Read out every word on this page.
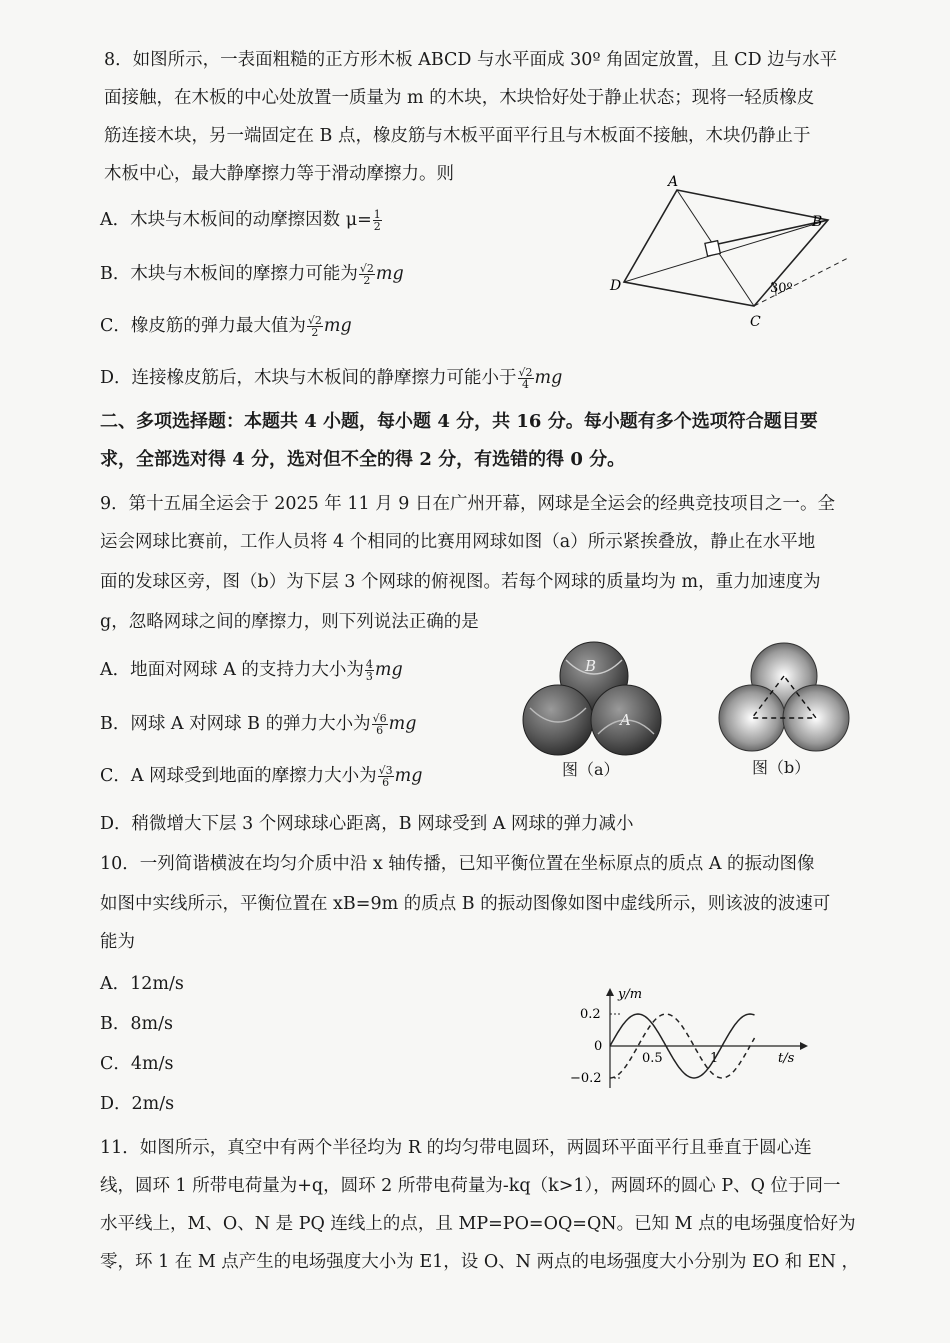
8．如图所示，一表面粗糙的正方形木板 ABCD 与水平面成 30º 角固定放置，且 CD 边与水平
面接触，在木板的中心处放置一质量为 m 的木块，木块恰好处于静止状态；现将一轻质橡皮
筋连接木块，另一端固定在 B 点，橡皮筋与木板平面平行且与木板面不接触，木块仍静止于
木板中心，最大静摩擦力等于滑动摩擦力。则
A．木块与木板间的动摩擦因数 $\mu= \frac{1}{2}$
B．木块与木板间的摩擦力可能为 $\frac{√2}{2}$ mg
C．橡皮筋的弹力最大值为 $\frac{√2}{2}$ mg
D．连接橡皮筋后，木块与木板间的静摩擦力可能小于 $\frac{√2}{4}$ mg
A
B
C
D	30º
二、多项选择题：本题共 4 小题，每小题 4 分，共 16 分。每小题有多个选项符合题目要
求，全部选对得 4 分，选对但不全的得 2 分，有选错的得 0 分。
9．第十五届全运会于 2025 年 11 月 9 日在广州开幕，网球是全运会的经典竞技项目之一。全
运会网球比赛前，工作人员将 4 个相同的比赛用网球如图（a）所示紧挨叠放，静止在水平地
面的发球区旁，图（b）为下层 3 个网球的俯视图。若每个网球的质量均为 m，重力加速度为
g，忽略网球之间的摩擦力，则下列说法正确的是
A．地面对网球 A 的支持力大小为 $\frac{4}{3}$ mg
B．网球 A 对网球 B 的弹力大小为 $\frac{√6}{6}$ mg
C．A 网球受到地面的摩擦力大小为 $\frac{√3}{6}$ mg
D．稍微增大下层 3 个网球球心距离，B 网球受到 A 网球的弹力减小
B
A
图（a）	图（b）
10．一列简谐横波在均匀介质中沿 x 轴传播，已知平衡位置在坐标原点的质点 A 的振动图像
如图中实线所示，平衡位置在 xB=9m 的质点 B 的振动图像如图中虚线所示，则该波的波速可
能为
A．12m/s
B．8m/s
C．4m/s
D．2m/s
y/m
t/s
0.2
0
−0.2
0.5	1
11．如图所示，真空中有两个半径均为 R 的均匀带电圆环，两圆环平面平行且垂直于圆心连
线，圆环 1 所带电荷量为+q，圆环 2 所带电荷量为-kq（k>1），两圆环的圆心 P、Q 位于同一
水平线上，M、O、N 是 PQ 连线上的点，且 MP=PO=OQ=QN。已知 M 点的电场强度恰好为
零，环 1 在 M 点产生的电场强度大小为 E1，设 O、N 两点的电场强度大小分别为 EO 和 EN ，
